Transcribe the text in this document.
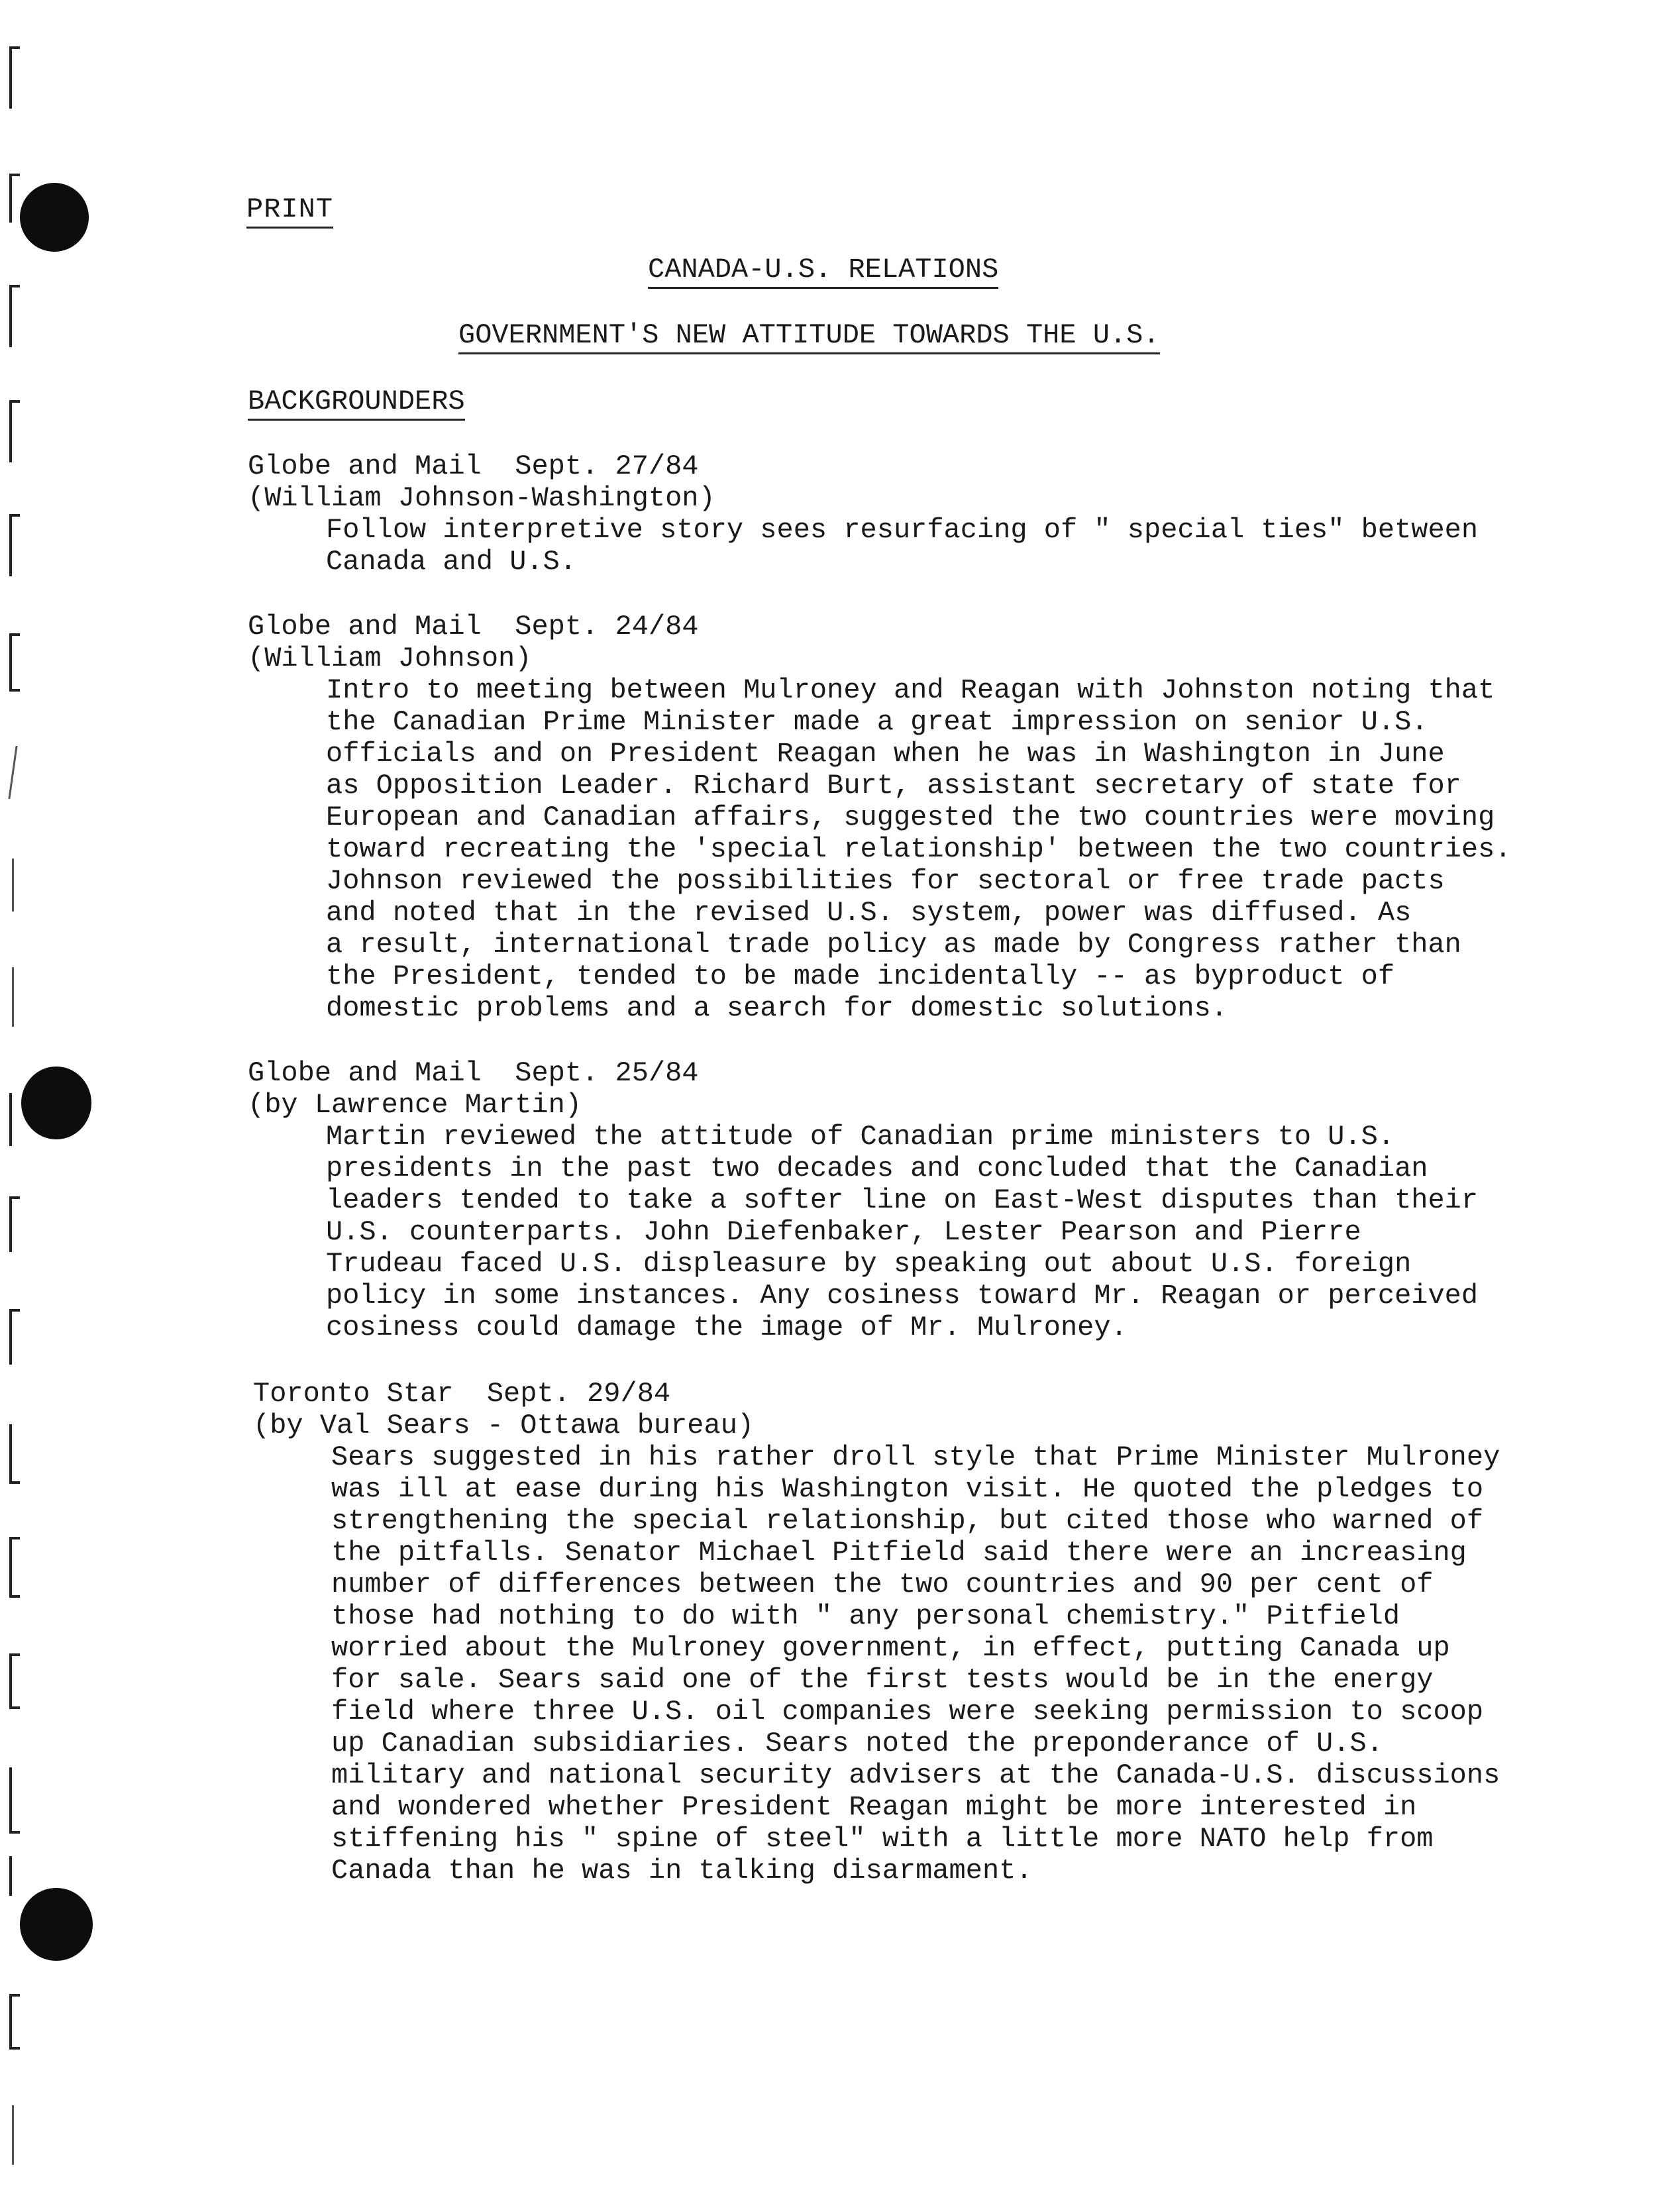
PRINT
CANADA-U.S. RELATIONS
GOVERNMENT'S NEW ATTITUDE TOWARDS THE U.S.
BACKGROUNDERS
Globe and Mail  Sept. 27/84
(William Johnson-Washington)
Follow interpretive story sees resurfacing of " special ties" between
Canada and U.S.
Globe and Mail  Sept. 24/84
(William Johnson)
Intro to meeting between Mulroney and Reagan with Johnston noting that
the Canadian Prime Minister made a great impression on senior U.S.
officials and on President Reagan when he was in Washington in June
as Opposition Leader. Richard Burt, assistant secretary of state for
European and Canadian affairs, suggested the two countries were moving
toward recreating the 'special relationship' between the two countries.
Johnson reviewed the possibilities for sectoral or free trade pacts
and noted that in the revised U.S. system, power was diffused. As
a result, international trade policy as made by Congress rather than
the President, tended to be made incidentally -- as byproduct of
domestic problems and a search for domestic solutions.
Globe and Mail  Sept. 25/84
(by Lawrence Martin)
Martin reviewed the attitude of Canadian prime ministers to U.S.
presidents in the past two decades and concluded that the Canadian
leaders tended to take a softer line on East-West disputes than their
U.S. counterparts. John Diefenbaker, Lester Pearson and Pierre
Trudeau faced U.S. displeasure by speaking out about U.S. foreign
policy in some instances. Any cosiness toward Mr. Reagan or perceived
cosiness could damage the image of Mr. Mulroney.
Toronto Star  Sept. 29/84
(by Val Sears - Ottawa bureau)
Sears suggested in his rather droll style that Prime Minister Mulroney
was ill at ease during his Washington visit. He quoted the pledges to
strengthening the special relationship, but cited those who warned of
the pitfalls. Senator Michael Pitfield said there were an increasing
number of differences between the two countries and 90 per cent of
those had nothing to do with " any personal chemistry." Pitfield
worried about the Mulroney government, in effect, putting Canada up
for sale. Sears said one of the first tests would be in the energy
field where three U.S. oil companies were seeking permission to scoop
up Canadian subsidiaries. Sears noted the preponderance of U.S.
military and national security advisers at the Canada-U.S. discussions
and wondered whether President Reagan might be more interested in
stiffening his " spine of steel" with a little more NATO help from
Canada than he was in talking disarmament.
